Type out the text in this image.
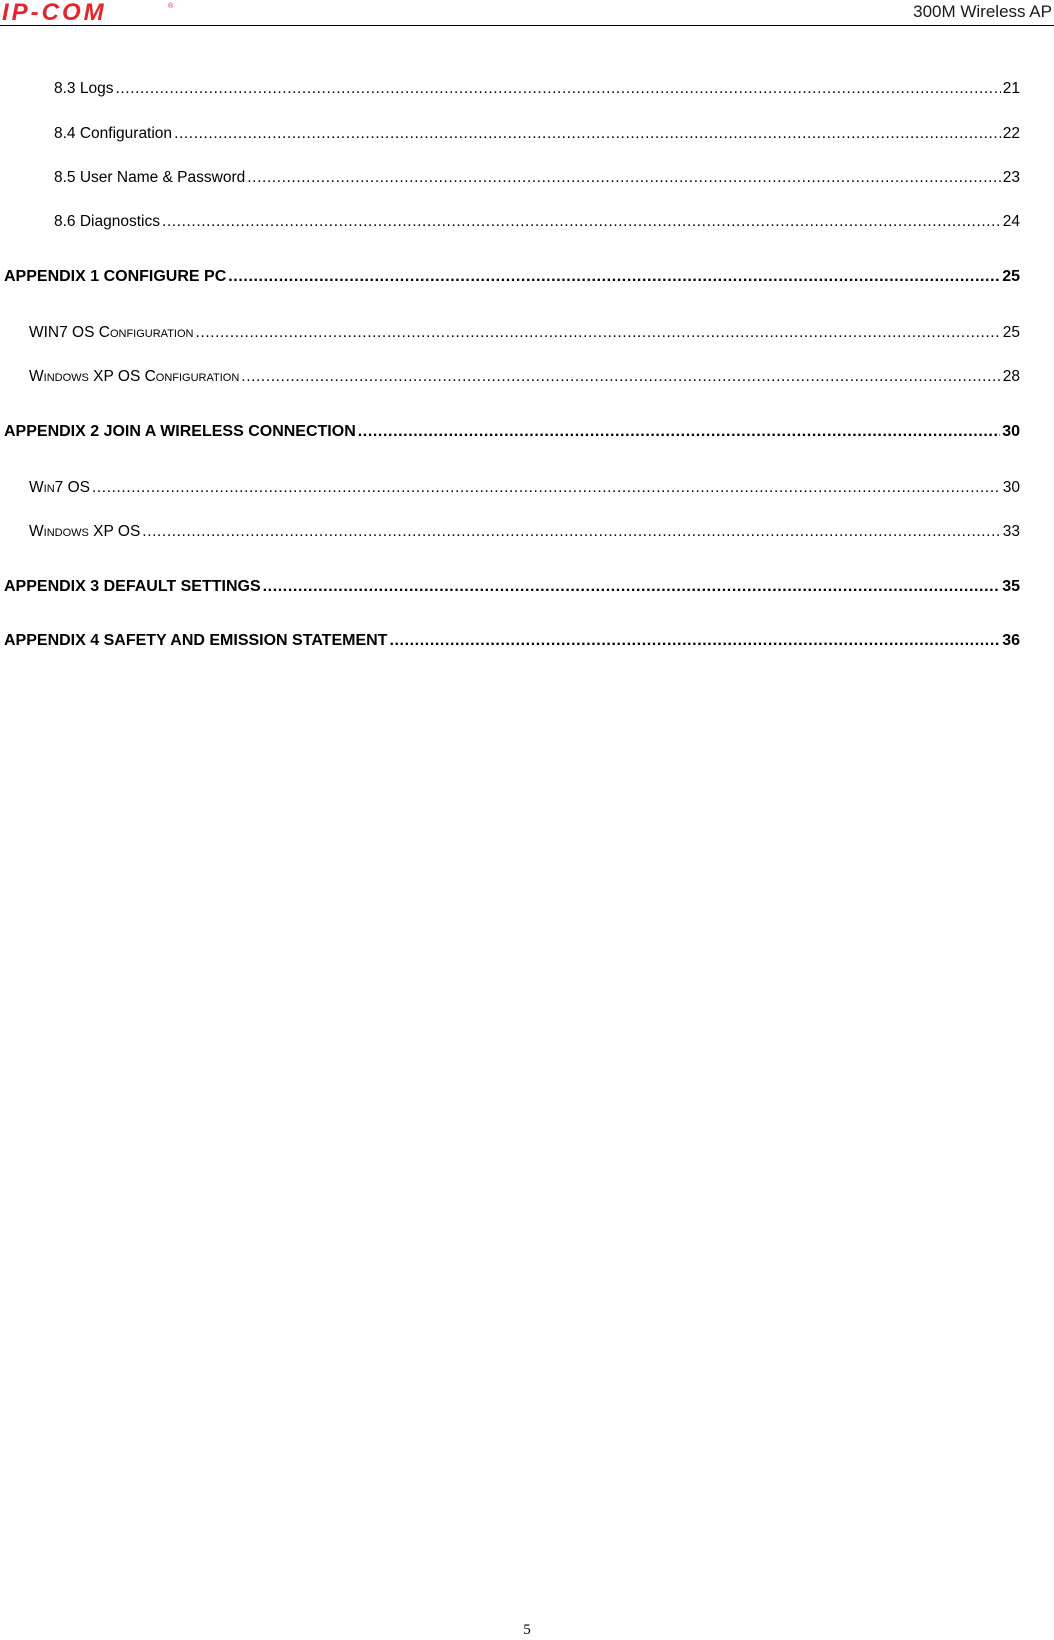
IP-COM	®	300M Wireless AP
8.3 Logs .....	21
8.4 Configuration .....	22
8.5 User Name & Password .....	23
8.6 Diagnostics .....	24
APPENDIX 1 CONFIGURE PC .....	25
WIN7 OS CONFIGURATION .....	25
WINDOWS XP OS CONFIGURATION .....	28
APPENDIX 2 JOIN A WIRELESS CONNECTION .....	30
WIN7 OS .....	30
WINDOWS XP OS .....	33
APPENDIX 3 DEFAULT SETTINGS .....	35
APPENDIX 4 SAFETY AND EMISSION STATEMENT .....	36
5
